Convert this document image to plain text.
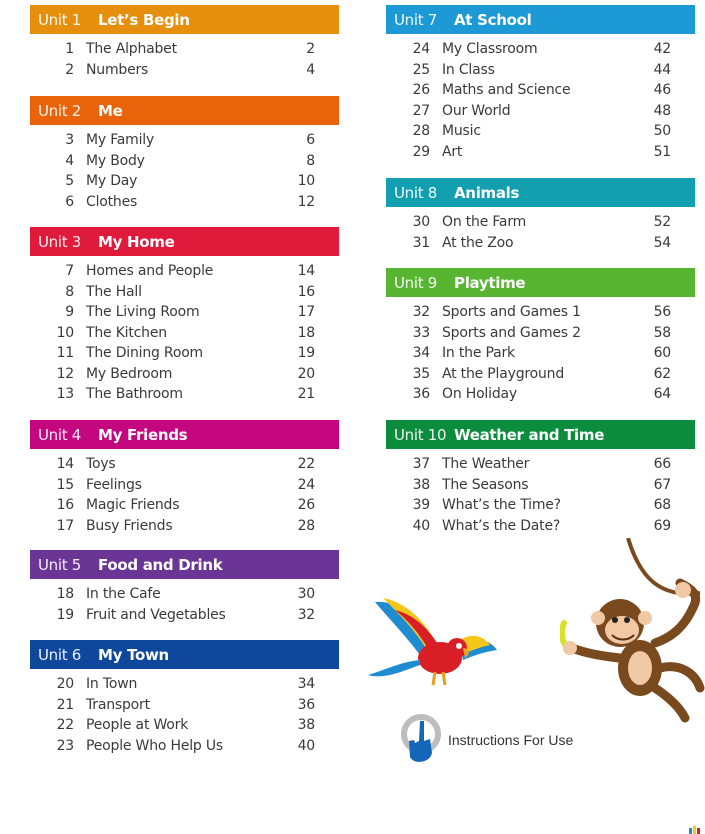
Unit 1	Let’s Begin
1 The Alphabet	2
2 Numbers	4
Unit 2	Me
3 My Family	6
4 My Body	8
5 My Day	10
6 Clothes	12
Unit 3	My Home
7 Homes and People	14
8 The Hall	16
9 The Living Room	17
10 The Kitchen	18
11 The Dining Room	19
12 My Bedroom	20
13 The Bathroom	21
Unit 4	My Friends
14 Toys	22
15 Feelings	24
16 Magic Friends	26
17 Busy Friends	28
Unit 5	Food and Drink
18 In the Cafe	30
19 Fruit and Vegetables	32
Unit 6	My Town
20 In Town	34
21 Transport	36
22 People at Work	38
23 People Who Help Us	40
Unit 7	At School
24 My Classroom	42
25 In Class	44
26 Maths and Science	46
27 Our World	48
28 Music	50
29 Art	51
Unit 8	Animals
30 On the Farm	52
31 At the Zoo	54
Unit 9	Playtime
32 Sports and Games 1	56
33 Sports and Games 2	58
34 In the Park	60
35 At the Playground	62
36 On Holiday	64
Unit 10 Weather and Time
37 The Weather	66
38 The Seasons	67
39 What’s the Time?	68
40 What’s the Date?	69
Instructions For Use
